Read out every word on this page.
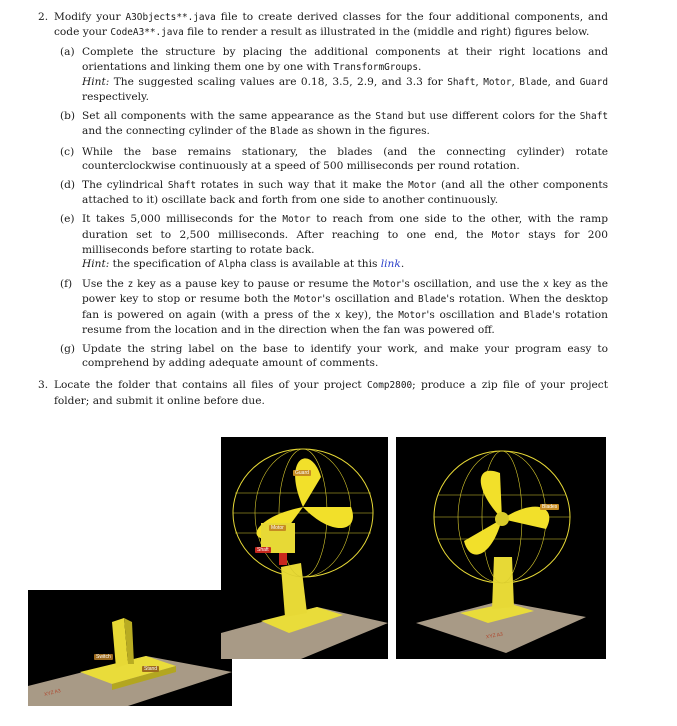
2. Modify your A3Objects**.java file to create derived classes for the four additional components, and code your CodeA3**.java file to render a result as illustrated in the (middle and right) figures below.
(a) Complete the structure by placing the additional components at their right locations and orientations and linking them one by one with TransformGroups.
Hint: The suggested scaling values are 0.18, 3.5, 2.9, and 3.3 for Shaft, Motor, Blade, and Guard respectively.
(b) Set all components with the same appearance as the Stand but use different colors for the Shaft and the connecting cylinder of the Blade as shown in the figures.
(c) While the base remains stationary, the blades (and the connecting cylinder) rotate counterclockwise continuously at a speed of 500 milliseconds per round rotation.
(d) The cylindrical Shaft rotates in such way that it make the Motor (and all the other components attached to it) oscillate back and forth from one side to another continuously.
(e) It takes 5,000 milliseconds for the Motor to reach from one side to the other, with the ramp duration set to 2,500 milliseconds. After reaching to one end, the Motor stays for 200 milliseconds before starting to rotate back.
Hint: the specification of Alpha class is available at this link.
(f) Use the z key as a pause key to pause or resume the Motor's oscillation, and use the x key as the power key to stop or resume both the Motor's oscillation and Blade's rotation. When the desktop fan is powered on again (with a press of the x key), the Motor's oscillation and Blade's rotation resume from the location and in the direction when the fan was powered off.
(g) Update the string label on the base to identify your work, and make your program easy to comprehend by adding adequate amount of comments.
3. Locate the folder that contains all files of your project Comp2800; produce a zip file of your project folder; and submit it online before due.
Switch
Stand
XYZ A3
Guard
Motor
Shaft
Blades
XYZ A3
